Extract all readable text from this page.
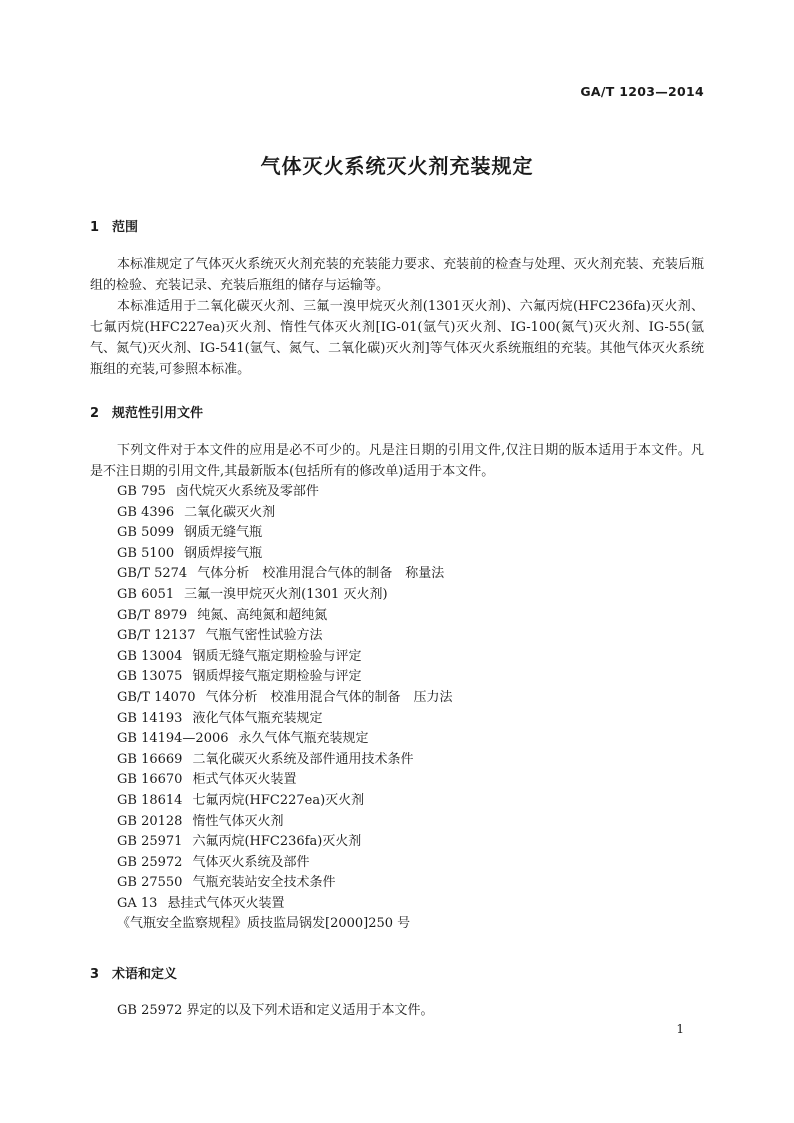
GA/T 1203—2014
气体灭火系统灭火剂充装规定
1 范围

本标准规定了气体灭火系统灭火剂充装的充装能力要求、充装前的检查与处理、灭火剂充装、充装后瓶组的检验、充装记录、充装后瓶组的储存与运输等。

本标准适用于二氧化碳灭火剂、三氟一溴甲烷灭火剂(1301灭火剂)、六氟丙烷(HFC236fa)灭火剂、七氟丙烷(HFC227ea)灭火剂、惰性气体灭火剂[IG-01(氩气)灭火剂、IG-100(氮气)灭火剂、IG-55(氩气、氮气)灭火剂、IG-541(氩气、氮气、二氧化碳)灭火剂]等气体灭火系统瓶组的充装。其他气体灭火系统瓶组的充装,可参照本标准。

2 规范性引用文件

下列文件对于本文件的应用是必不可少的。凡是注日期的引用文件,仅注日期的版本适用于本文件。凡是不注日期的引用文件,其最新版本(包括所有的修改单)适用于本文件。

GB 795 卤代烷灭火系统及零部件
GB 4396 二氧化碳灭火剂
GB 5099 钢质无缝气瓶
GB 5100 钢质焊接气瓶
GB/T 5274 气体分析　校准用混合气体的制备　称量法
GB 6051 三氟一溴甲烷灭火剂(1301 灭火剂)
GB/T 8979 纯氮、高纯氮和超纯氮
GB/T 12137 气瓶气密性试验方法
GB 13004 钢质无缝气瓶定期检验与评定
GB 13075 钢质焊接气瓶定期检验与评定
GB/T 14070 气体分析　校准用混合气体的制备　压力法
GB 14193 液化气体气瓶充装规定
GB 14194—2006 永久气体气瓶充装规定
GB 16669 二氧化碳灭火系统及部件通用技术条件
GB 16670 柜式气体灭火装置
GB 18614 七氟丙烷(HFC227ea)灭火剂
GB 20128 惰性气体灭火剂
GB 25971 六氟丙烷(HFC236fa)灭火剂
GB 25972 气体灭火系统及部件
GB 27550 气瓶充装站安全技术条件
GA 13 悬挂式气体灭火装置
《气瓶安全监察规程》质技监局锅发[2000]250 号
3 术语和定义

GB 25972 界定的以及下列术语和定义适用于本文件。

1
